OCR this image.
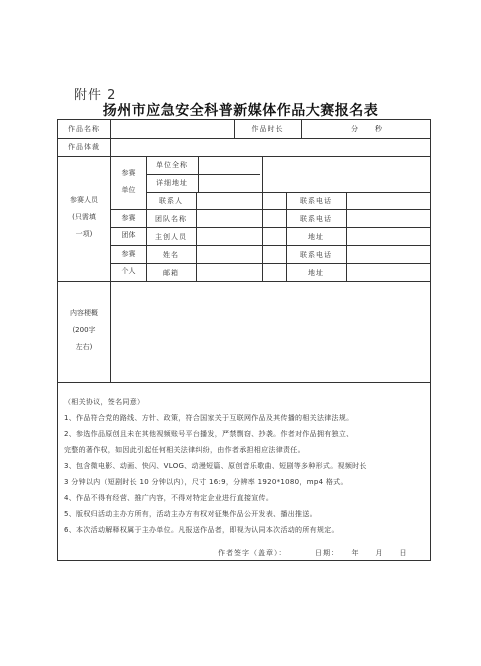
附件 2
扬州市应急安全科普新媒体作品大赛报名表
作品名称	作品时长	分　　秒
作品体裁
参赛人员
(只需填
一项)
参赛
单位
单位全称
详细地址
联系人	联系电话
参赛
团体
团队名称	联系电话
主创人员	地址
参赛
个人
姓名	联系电话
邮箱	地址
内容梗概
(200字
左右)
（相关协议，签名同意）
1、作品符合党的路线、方针、政策，符合国家关于互联网作品及其传播的相关法律法规。
2、参选作品原创且未在其他视频账号平台播发，严禁剽窃、抄袭。作者对作品拥有独立、
完整的著作权，如因此引起任何相关法律纠纷，由作者承担相应法律责任。
3、包含微电影、动画、快闪、VLOG、动漫短篇、原创音乐歌曲、短剧等多种形式。视频时长
3 分钟以内（短剧时长 10 分钟以内），尺寸 16:9，分辨率 1920*1080，mp4 格式。
4、作品不得有经营、推广内容，不得对特定企业进行直接宣传。
5、版权归活动主办方所有，活动主办方有权对征集作品公开发表、播出推送。
6、本次活动解释权属于主办单位。凡报送作品者，即视为认同本次活动的所有规定。
作者签字（盖章）：　　　　日期：　　年　　月　　日
